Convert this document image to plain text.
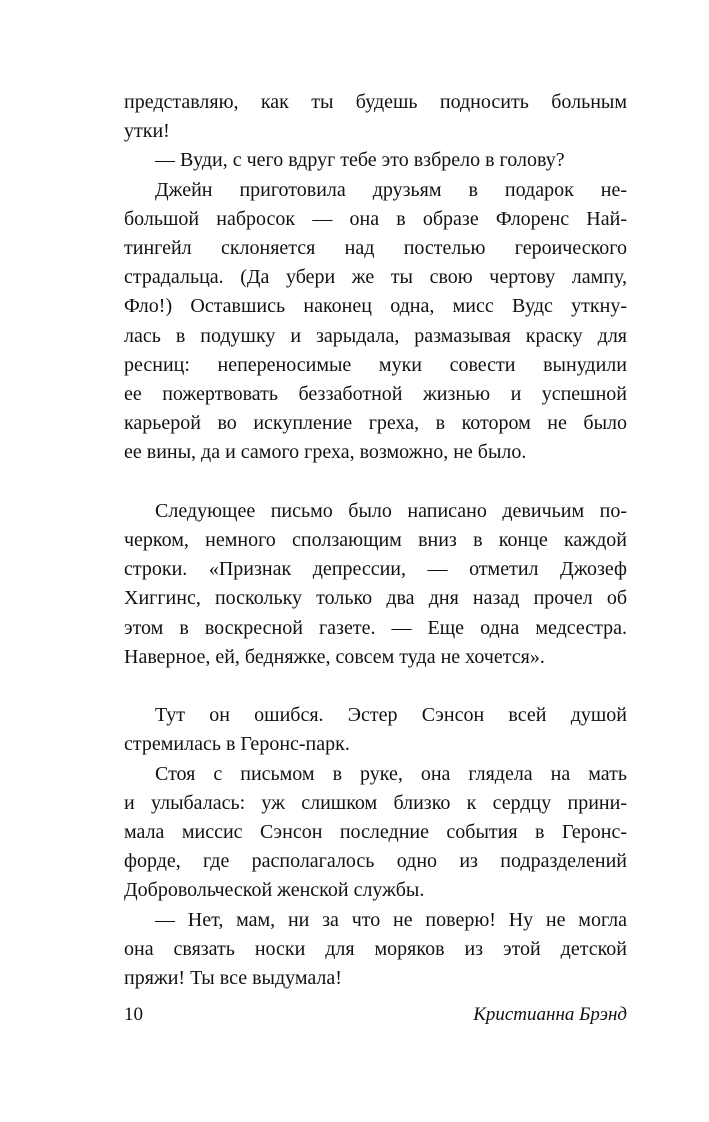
представляю, как ты будешь подносить больным
утки!
— Вуди, с чего вдруг тебе это взбрело в голову?
Джейн приготовила друзьям в подарок не-
большой набросок — она в образе Флоренс Най-
тингейл склоняется над постелью героического
страдальца. (Да убери же ты свою чертову лампу,
Фло!) Оставшись наконец одна, мисс Вудс уткну-
лась в подушку и зарыдала, размазывая краску для
ресниц: непереносимые муки совести вынудили
ее пожертвовать беззаботной жизнью и успешной
карьерой во искупление греха, в котором не было
ее вины, да и самого греха, возможно, не было.
Следующее письмо было написано девичьим по-
черком, немного сползающим вниз в конце каждой
строки. «Признак депрессии, — отметил Джозеф
Хиггинс, поскольку только два дня назад прочел об
этом в воскресной газете. — Еще одна медсестра.
Наверное, ей, бедняжке, совсем туда не хочется».
Тут он ошибся. Эстер Сэнсон всей душой
стремилась в Геронс-парк.
Стоя с письмом в руке, она глядела на мать
и улыбалась: уж слишком близко к сердцу прини-
мала миссис Сэнсон последние события в Геронс-
форде, где располагалось одно из подразделений
Добровольческой женской службы.
— Нет, мам, ни за что не поверю! Ну не могла
она связать носки для моряков из этой детской
пряжи! Ты все выдумала!
10	Кристианна Брэнд
